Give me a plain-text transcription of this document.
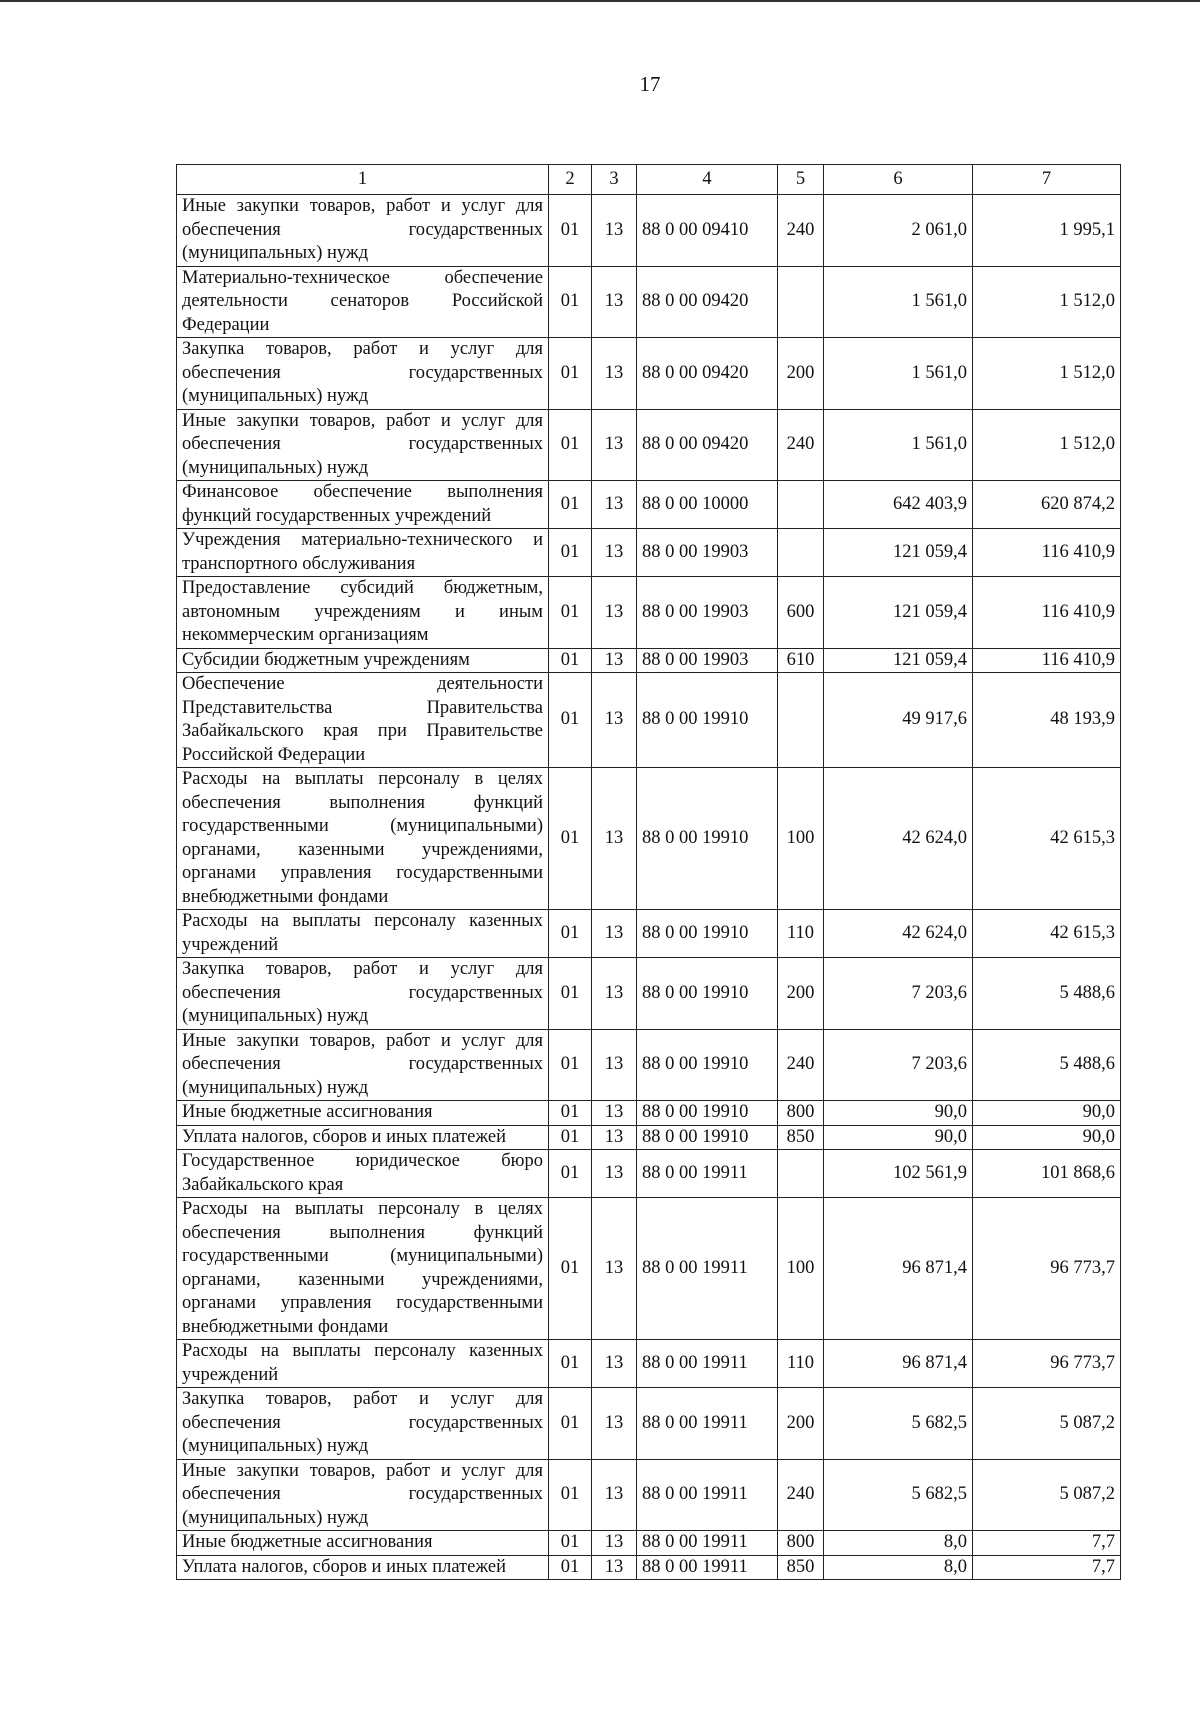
17
1	2	3	4	5	6	7
Иные закупки товаров, работ и услуг для обеспечения государственных (муниципальных) нужд	01	13	88 0 00 09410	240	2 061,0	1 995,1
Материально-техническое обеспечение деятельности сенаторов Российской Федерации	01	13	88 0 00 09420		1 561,0	1 512,0
Закупка товаров, работ и услуг для обеспечения государственных (муниципальных) нужд	01	13	88 0 00 09420	200	1 561,0	1 512,0
Иные закупки товаров, работ и услуг для обеспечения государственных (муниципальных) нужд	01	13	88 0 00 09420	240	1 561,0	1 512,0
Финансовое обеспечение выполнения функций государственных учреждений	01	13	88 0 00 10000		642 403,9	620 874,2
Учреждения материально-технического и транспортного обслуживания	01	13	88 0 00 19903		121 059,4	116 410,9
Предоставление субсидий бюджетным, автономным учреждениям и иным некоммерческим организациям	01	13	88 0 00 19903	600	121 059,4	116 410,9
Субсидии бюджетным учреждениям	01	13	88 0 00 19903	610	121 059,4	116 410,9
Обеспечение деятельности Представительства Правительства Забайкальского края при Правительстве Российской Федерации	01	13	88 0 00 19910		49 917,6	48 193,9
Расходы на выплаты персоналу в целях обеспечения выполнения функций государственными (муниципальными) органами, казенными учреждениями, органами управления государственными внебюджетными фондами	01	13	88 0 00 19910	100	42 624,0	42 615,3
Расходы на выплаты персоналу казенных учреждений	01	13	88 0 00 19910	110	42 624,0	42 615,3
Закупка товаров, работ и услуг для обеспечения государственных (муниципальных) нужд	01	13	88 0 00 19910	200	7 203,6	5 488,6
Иные закупки товаров, работ и услуг для обеспечения государственных (муниципальных) нужд	01	13	88 0 00 19910	240	7 203,6	5 488,6
Иные бюджетные ассигнования	01	13	88 0 00 19910	800	90,0	90,0
Уплата налогов, сборов и иных платежей	01	13	88 0 00 19910	850	90,0	90,0
Государственное юридическое бюро Забайкальского края	01	13	88 0 00 19911		102 561,9	101 868,6
Расходы на выплаты персоналу в целях обеспечения выполнения функций государственными (муниципальными) органами, казенными учреждениями, органами управления государственными внебюджетными фондами	01	13	88 0 00 19911	100	96 871,4	96 773,7
Расходы на выплаты персоналу казенных учреждений	01	13	88 0 00 19911	110	96 871,4	96 773,7
Закупка товаров, работ и услуг для обеспечения государственных (муниципальных) нужд	01	13	88 0 00 19911	200	5 682,5	5 087,2
Иные закупки товаров, работ и услуг для обеспечения государственных (муниципальных) нужд	01	13	88 0 00 19911	240	5 682,5	5 087,2
Иные бюджетные ассигнования	01	13	88 0 00 19911	800	8,0	7,7
Уплата налогов, сборов и иных платежей	01	13	88 0 00 19911	850	8,0	7,7
